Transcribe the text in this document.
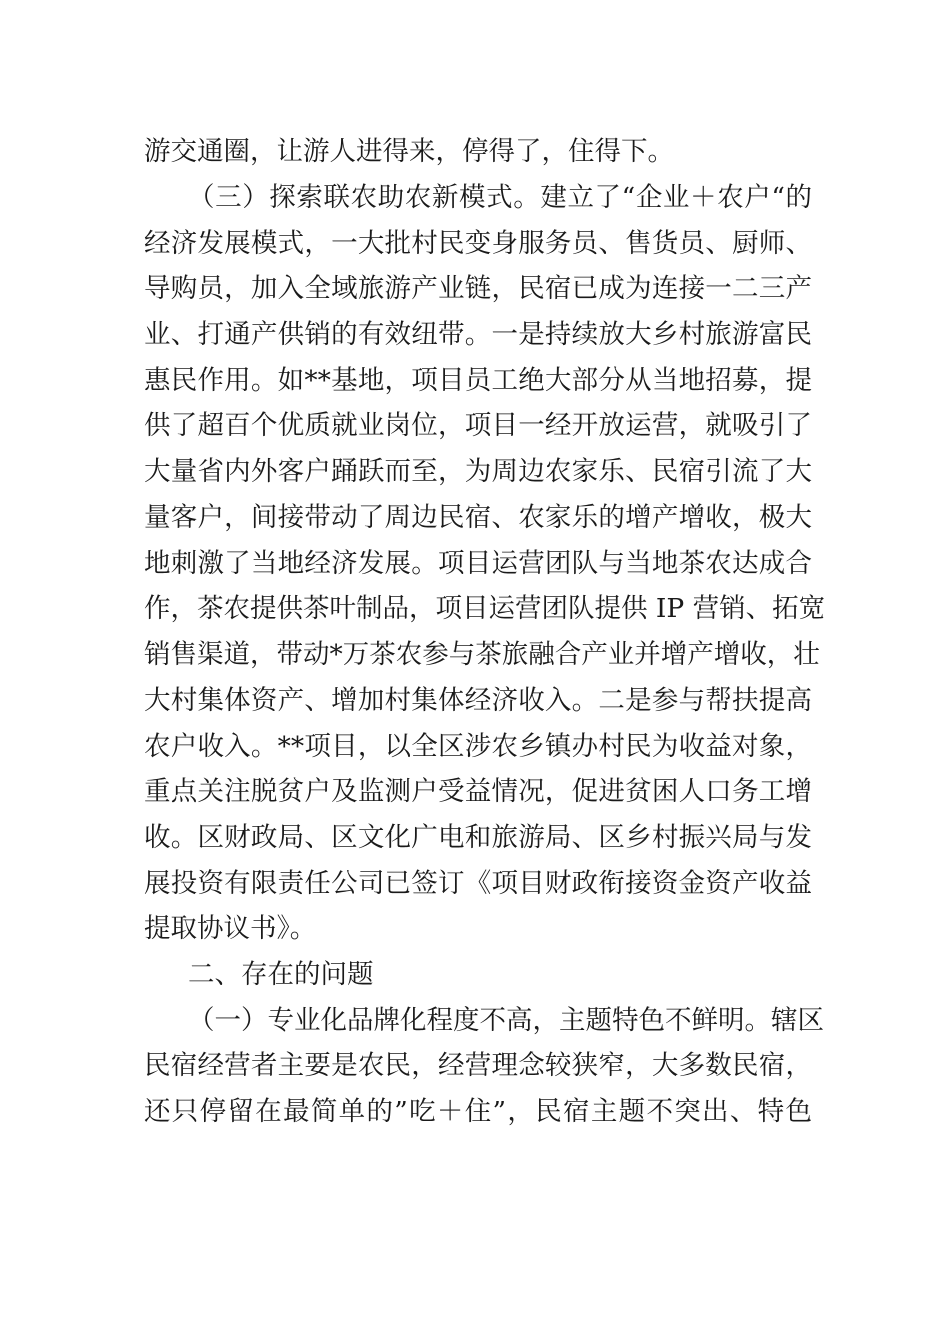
游交通圈，让游人进得来，停得了，住得下。
（三）探索联农助农新模式。建立了“企业＋农户“的
经济发展模式，一大批村民变身服务员、售货员、厨师、
导购员，加入全域旅游产业链，民宿已成为连接一二三产
业、打通产供销的有效纽带。一是持续放大乡村旅游富民
惠民作用。如**基地，项目员工绝大部分从当地招募，提
供了超百个优质就业岗位，项目一经开放运营，就吸引了
大量省内外客户踊跃而至，为周边农家乐、民宿引流了大
量客户，间接带动了周边民宿、农家乐的增产增收，极大
地刺激了当地经济发展。项目运营团队与当地茶农达成合
作，茶农提供茶叶制品，项目运营团队提供 IP 营销、拓宽
销售渠道，带动*万茶农参与茶旅融合产业并增产增收，壮
大村集体资产、增加村集体经济收入。二是参与帮扶提高
农户收入。**项目，以全区涉农乡镇办村民为收益对象，
重点关注脱贫户及监测户受益情况，促进贫困人口务工增
收。区财政局、区文化广电和旅游局、区乡村振兴局与发
展投资有限责任公司已签订《项目财政衔接资金资产收益
提取协议书》。
二、存在的问题
（一）专业化品牌化程度不高，主题特色不鲜明。辖区
民宿经营者主要是农民，经营理念较狭窄，大多数民宿，
还只停留在最简单的”吃＋住”，民宿主题不突出、特色
